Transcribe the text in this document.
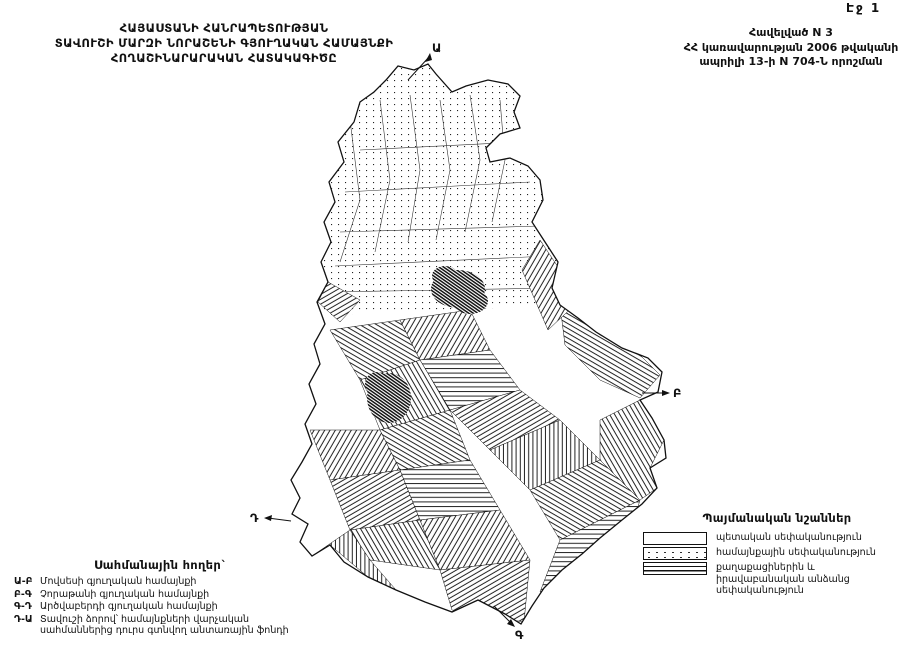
Էջ 1
ՀԱՅԱՍՏԱՆԻ ՀԱՆՐԱՊԵՏՈՒԹՅԱՆ
ՏԱՎՈՒՇԻ ՄԱՐԶԻ ՆՈՐԱՇԵՆԻ ԳՅՈՒՂԱԿԱՆ ՀԱՄԱՅՆՔԻ
ՀՈՂԱՇԻՆԱՐԱՐԱԿԱՆ ՀԱՏԱԿԱԳԻԾԸ
Հավելված N 3
ՀՀ կառավարության 2006 թվականի
ապրիլի 13-ի N 704-Ն որոշման
Ա
Բ
Գ
Դ
Սահմանային հողեր`
Ա-Բ Մովսեսի գյուղական համայնքի
Բ-Գ Չորաթանի գյուղական համայնքի
Գ-Դ Արծվաբերդի գյուղական համայնքի
Դ-Ա Տավուշի ձորով՝ համայնքների վարչական սահմաններից դուրս գտնվող անտառային ֆոնդի
Պայմանական նշաններ
պետական սեփականություն
համայնքային սեփականություն
քաղաքացիներին և իրավաբանական անձանց սեփականություն
